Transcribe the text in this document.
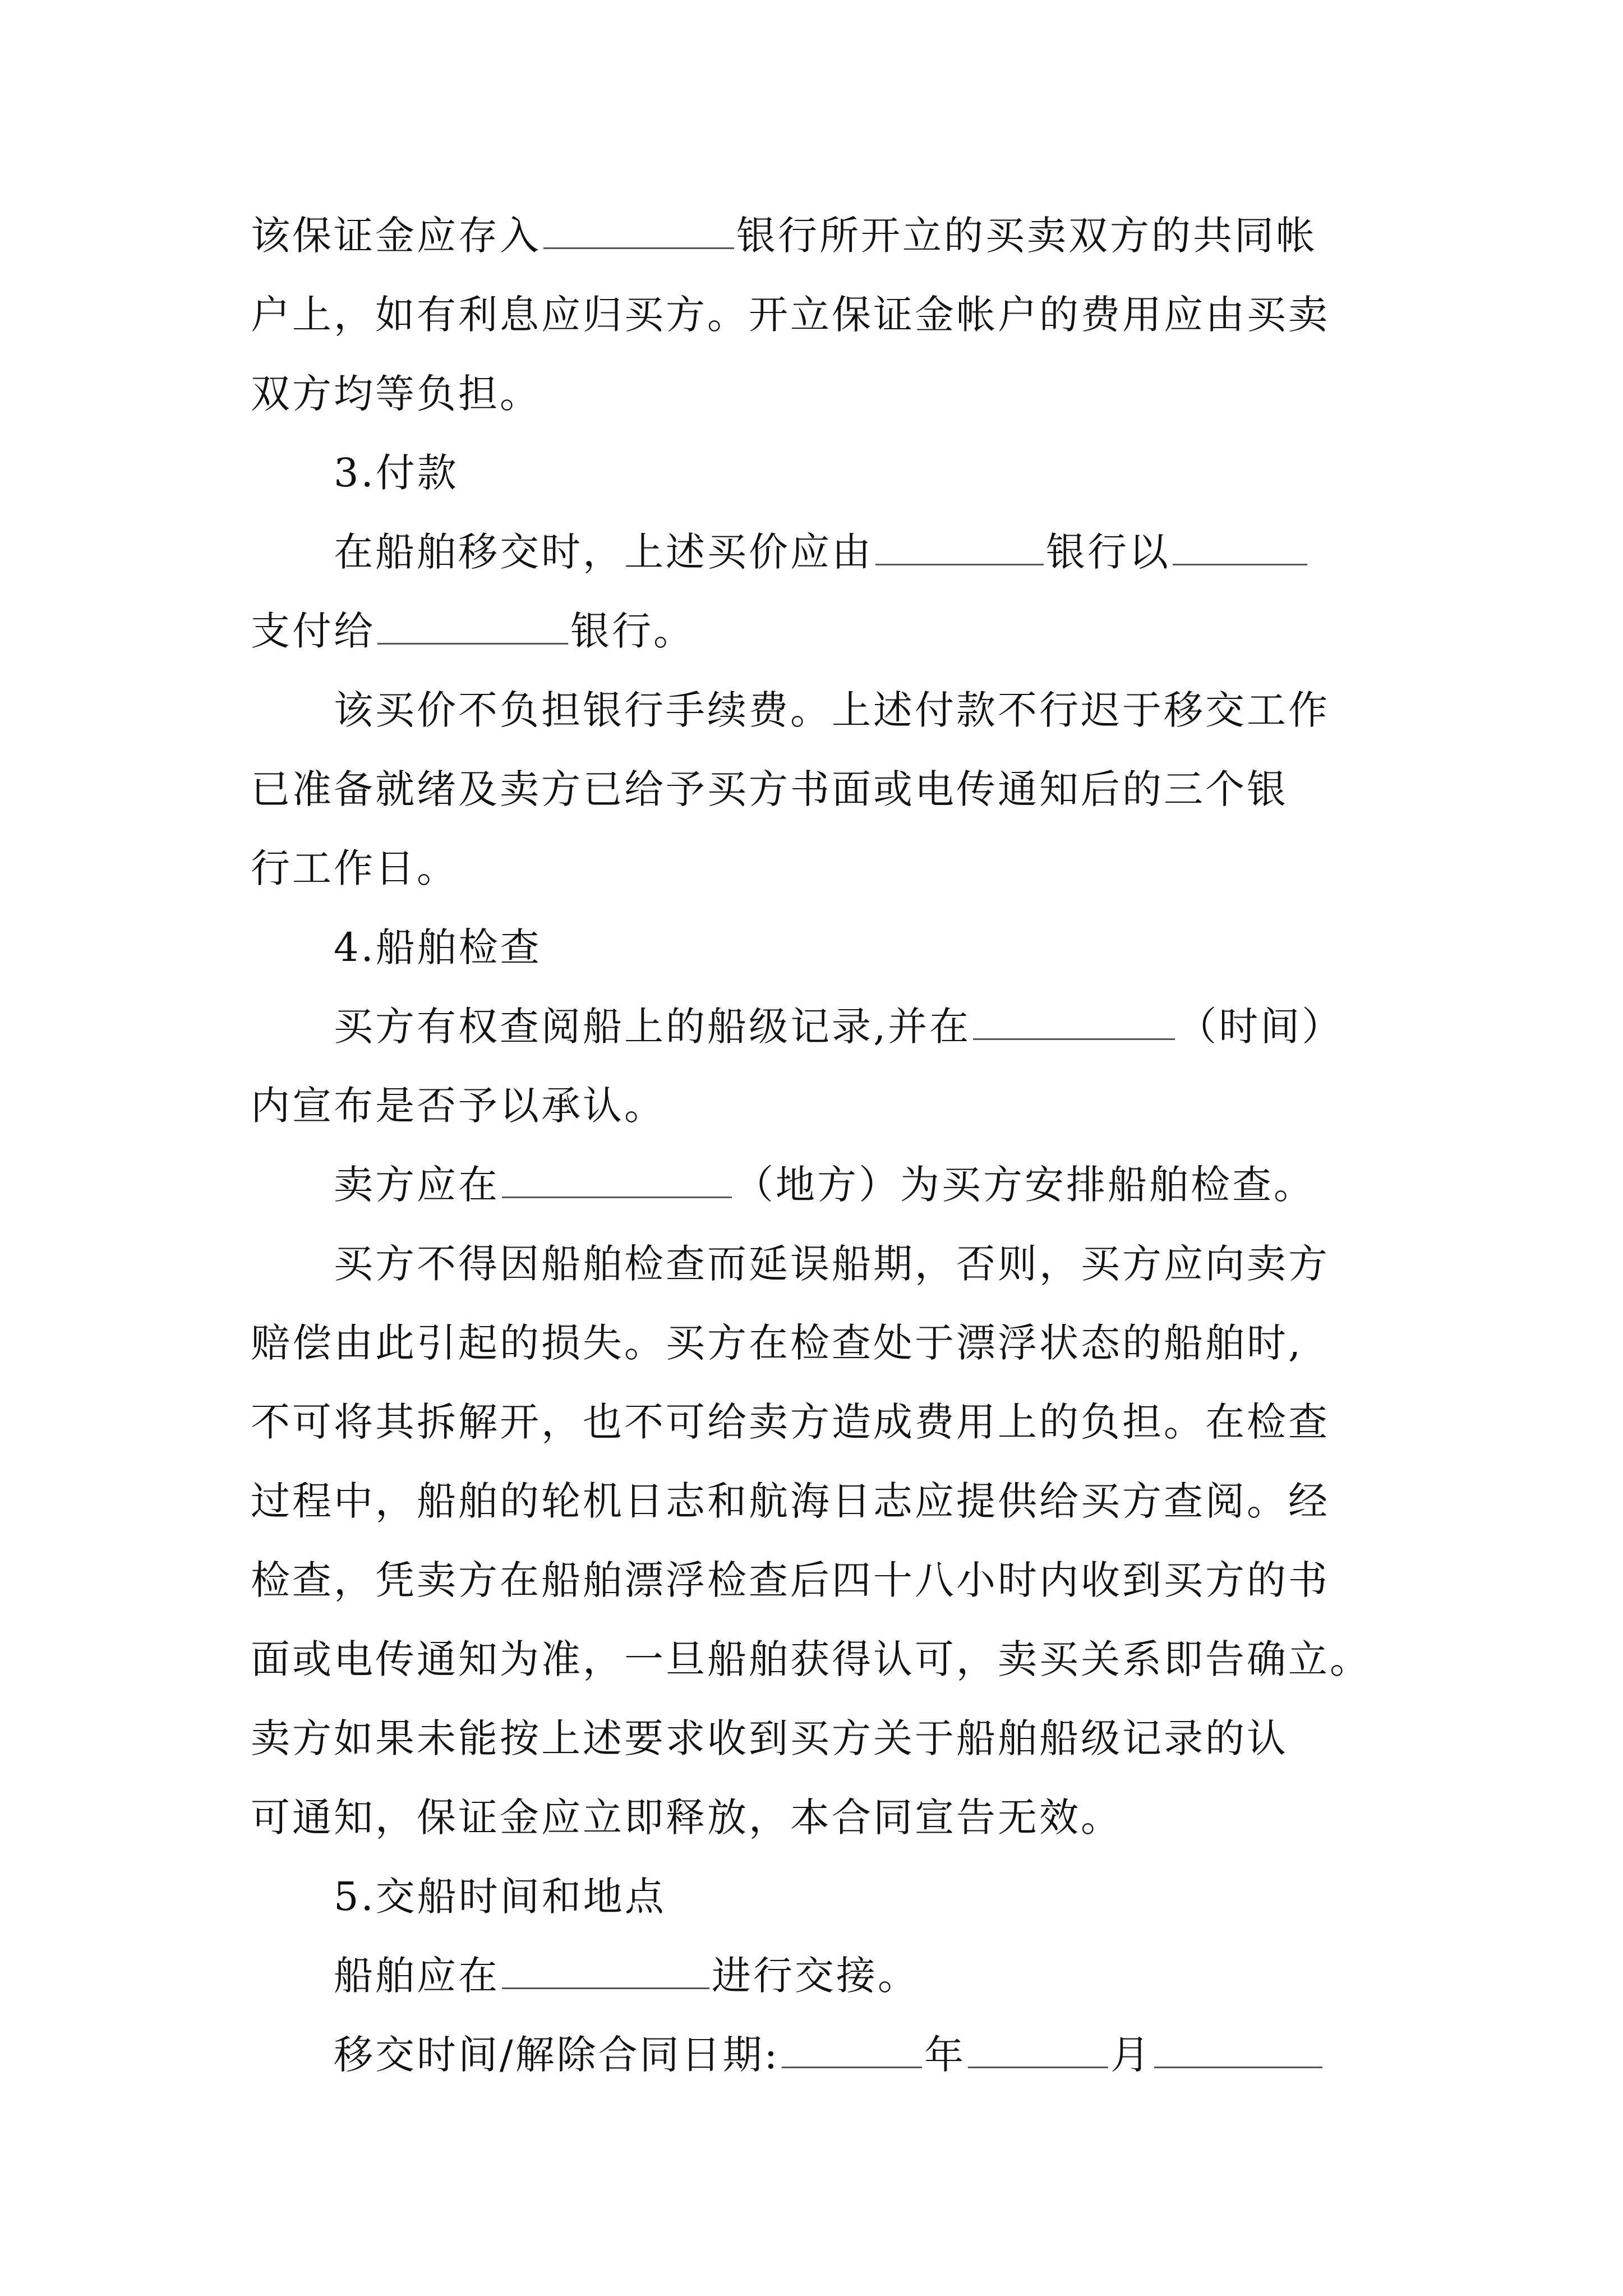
该保证金应存入	银行所开立的买卖双方的共同帐
户上，如有利息应归买方。开立保证金帐户的费用应由买卖
双方均等负担。
3.付款
在船舶移交时，上述买价应由	银行以
支付给	银行。
该买价不负担银行手续费。上述付款不行迟于移交工作
已准备就绪及卖方已给予买方书面或电传通知后的三个银
行工作日。
4.船舶检查
买方有权查阅船上的船级记录,并在	（时间）
内宣布是否予以承认。
卖方应在	（地方）为买方安排船舶检查。
买方不得因船舶检查而延误船期，否则，买方应向卖方
赔偿由此引起的损失。买方在检查处于漂浮状态的船舶时,
不可将其拆解开，也不可给卖方造成费用上的负担。在检查
过程中，船舶的轮机日志和航海日志应提供给买方查阅。经
检查，凭卖方在船舶漂浮检查后四十八小时内收到买方的书
面或电传通知为准，一旦船舶获得认可，卖买关系即告确立。
卖方如果未能按上述要求收到买方关于船舶船级记录的认
可通知，保证金应立即释放，本合同宣告无效。
5.交船时间和地点
船舶应在	进行交接。
移交时间/解除合同日期:	年	月
